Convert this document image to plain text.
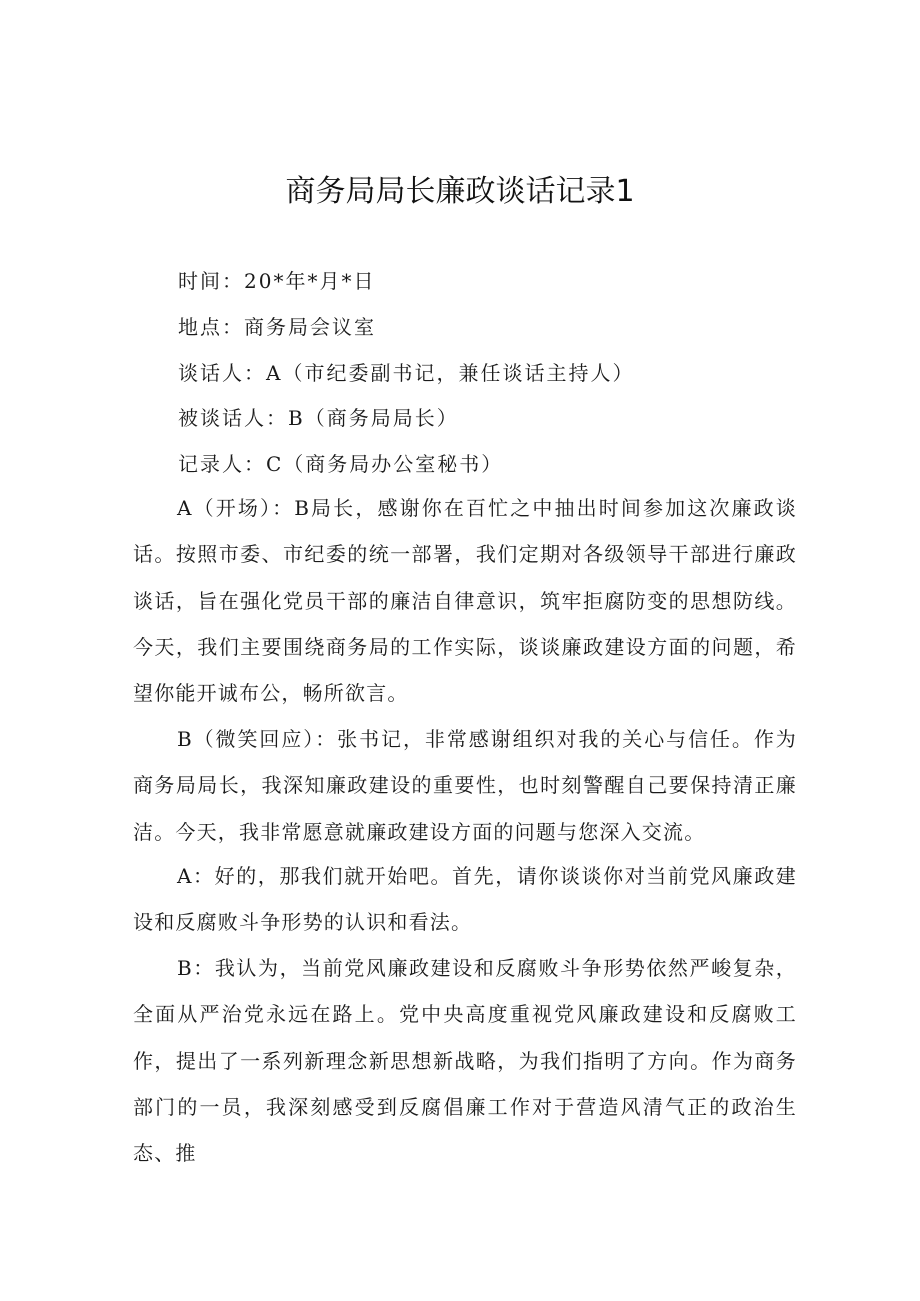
商务局局长廉政谈话记录1
时间：20*年*月*日
地点：商务局会议室
谈话人：A（市纪委副书记，兼任谈话主持人）
被谈话人：B（商务局局长）
记录人：C（商务局办公室秘书）

A（开场）：B局长，感谢你在百忙之中抽出时间参加这次廉政谈话。按照市委、市纪委的统一部署，我们定期对各级领导干部进行廉政谈话，旨在强化党员干部的廉洁自律意识，筑牢拒腐防变的思想防线。今天，我们主要围绕商务局的工作实际，谈谈廉政建设方面的问题，希望你能开诚布公，畅所欲言。

B（微笑回应）：张书记，非常感谢组织对我的关心与信任。作为商务局局长，我深知廉政建设的重要性，也时刻警醒自己要保持清正廉洁。今天，我非常愿意就廉政建设方面的问题与您深入交流。

A：好的，那我们就开始吧。首先，请你谈谈你对当前党风廉政建设和反腐败斗争形势的认识和看法。

B：我认为，当前党风廉政建设和反腐败斗争形势依然严峻复杂，全面从严治党永远在路上。党中央高度重视党风廉政建设和反腐败工作，提出了一系列新理念新思想新战略，为我们指明了方向。作为商务部门的一员，我深刻感受到反腐倡廉工作对于营造风清气正的政治生态、推
